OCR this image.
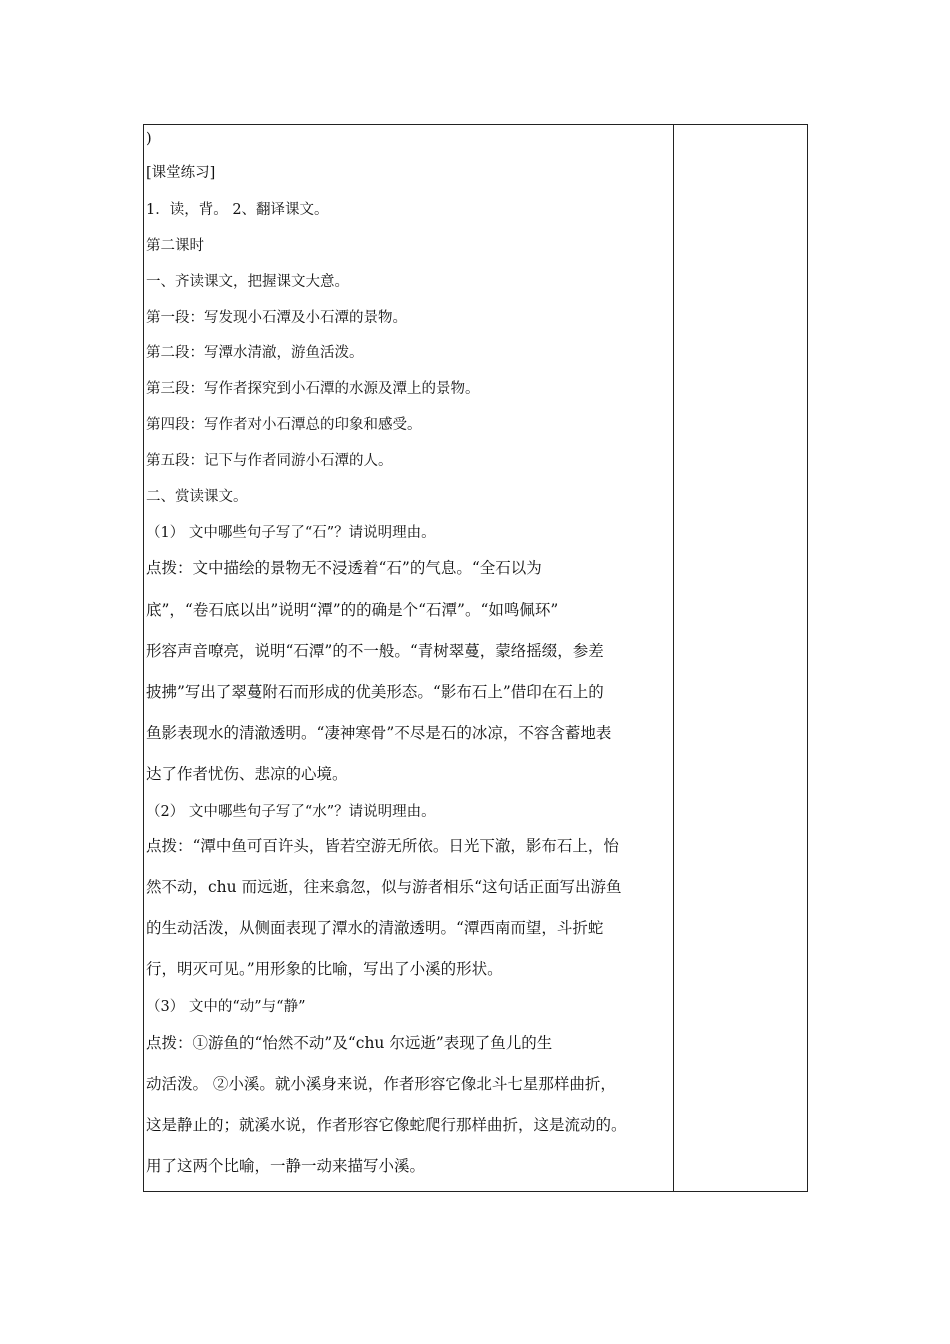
)
[课堂练习]
1．读，背。 2、翻译课文。
第二课时
一、齐读课文，把握课文大意。
第一段：写发现小石潭及小石潭的景物。
第二段：写潭水清澈，游鱼活泼。
第三段：写作者探究到小石潭的水源及潭上的景物。
第四段：写作者对小石潭总的印象和感受。
第五段：记下与作者同游小石潭的人。
二、赏读课文。
（1） 文中哪些句子写了“石”？请说明理由。
点拨：文中描绘的景物无不浸透着“石”的气息。“全石以为
底”，“卷石底以出”说明“潭”的的确是个“石潭”。“如鸣佩环”
形容声音嘹亮，说明“石潭”的不一般。“青树翠蔓，蒙络摇缀，参差
披拂”写出了翠蔓附石而形成的优美形态。“影布石上”借印在石上的
鱼影表现水的清澈透明。“凄神寒骨”不尽是石的冰凉，不容含蓄地表
达了作者忧伤、悲凉的心境。
（2） 文中哪些句子写了“水”？请说明理由。
点拨：“潭中鱼可百许头，皆若空游无所依。日光下澈，影布石上，怡
然不动，chu 而远逝，往来翕忽，似与游者相乐“这句话正面写出游鱼
的生动活泼，从侧面表现了潭水的清澈透明。“潭西南而望，斗折蛇
行，明灭可见。”用形象的比喻，写出了小溪的形状。
（3） 文中的“动”与“静”
点拨：①游鱼的“怡然不动”及“chu 尔远逝”表现了鱼儿的生
动活泼。 ②小溪。就小溪身来说，作者形容它像北斗七星那样曲折，
这是静止的；就溪水说，作者形容它像蛇爬行那样曲折，这是流动的。
用了这两个比喻，一静一动来描写小溪。
